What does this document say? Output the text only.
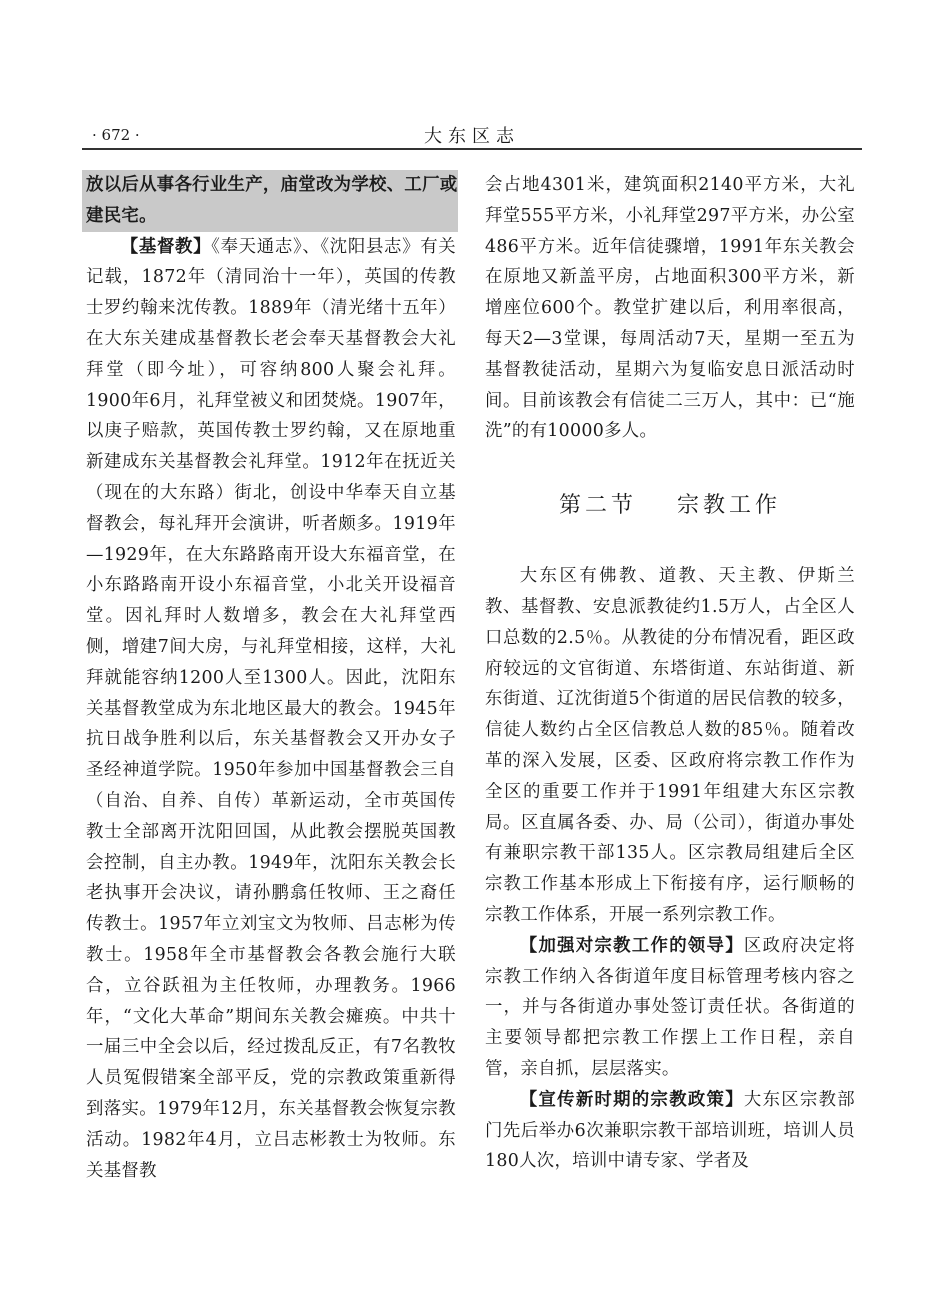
· 672 ·	大东区志
放以后从事各行业生产，庙堂改为学校、工厂或建民宅。

【基督教】《奉天通志》、《沈阳县志》有关记载，1872年（清同治十一年），英国的传教士罗约翰来沈传教。1889年（清光绪十五年）在大东关建成基督教长老会奉天基督教会大礼拜堂（即今址），可容纳800人聚会礼拜。1900年6月，礼拜堂被义和团焚烧。1907年，以庚子赔款，英国传教士罗约翰，又在原地重新建成东关基督教会礼拜堂。1912年在抚近关（现在的大东路）街北，创设中华奉天自立基督教会，每礼拜开会演讲，听者颇多。1919年—1929年，在大东路路南开设大东福音堂，在小东路路南开设小东福音堂，小北关开设福音堂。因礼拜时人数增多，教会在大礼拜堂西侧，增建7间大房，与礼拜堂相接，这样，大礼拜就能容纳1200人至1300人。因此，沈阳东关基督教堂成为东北地区最大的教会。1945年抗日战争胜利以后，东关基督教会又开办女子圣经神道学院。1950年参加中国基督教会三自（自治、自养、自传）革新运动，全市英国传教士全部离开沈阳回国，从此教会摆脱英国教会控制，自主办教。1949年，沈阳东关教会长老执事开会决议，请孙鹏翕任牧师、王之裔任传教士。1957年立刘宝文为牧师、吕志彬为传教士。1958年全市基督教会各教会施行大联合，立谷跃祖为主任牧师，办理教务。1966年，“文化大革命”期间东关教会瘫痪。中共十一届三中全会以后，经过拨乱反正，有7名教牧人员冤假错案全部平反，党的宗教政策重新得到落实。1979年12月，东关基督教会恢复宗教活动。1982年4月，立吕志彬教士为牧师。东关基督教

会占地4301米，建筑面积2140平方米，大礼拜堂555平方米，小礼拜堂297平方米，办公室486平方米。近年信徒骤增，1991年东关教会在原地又新盖平房，占地面积300平方米，新增座位600个。教堂扩建以后，利用率很高，每天2—3堂课，每周活动7天，星期一至五为基督教徒活动，星期六为复临安息日派活动时间。目前该教会有信徒二三万人，其中：已“施洗”的有10000多人。

第二节 宗教工作

大东区有佛教、道教、天主教、伊斯兰教、基督教、安息派教徒约1.5万人，占全区人口总数的2.5％。从教徒的分布情况看，距区政府较远的文官街道、东塔街道、东站街道、新东街道、辽沈街道5个街道的居民信教的较多，信徒人数约占全区信教总人数的85％。随着改革的深入发展，区委、区政府将宗教工作作为全区的重要工作并于1991年组建大东区宗教局。区直属各委、办、局（公司），街道办事处有兼职宗教干部135人。区宗教局组建后全区宗教工作基本形成上下衔接有序，运行顺畅的宗教工作体系，开展一系列宗教工作。

【加强对宗教工作的领导】区政府决定将宗教工作纳入各街道年度目标管理考核内容之一，并与各街道办事处签订责任状。各街道的主要领导都把宗教工作摆上工作日程，亲自管，亲自抓，层层落实。

【宣传新时期的宗教政策】大东区宗教部门先后举办6次兼职宗教干部培训班，培训人员180人次，培训中请专家、学者及
